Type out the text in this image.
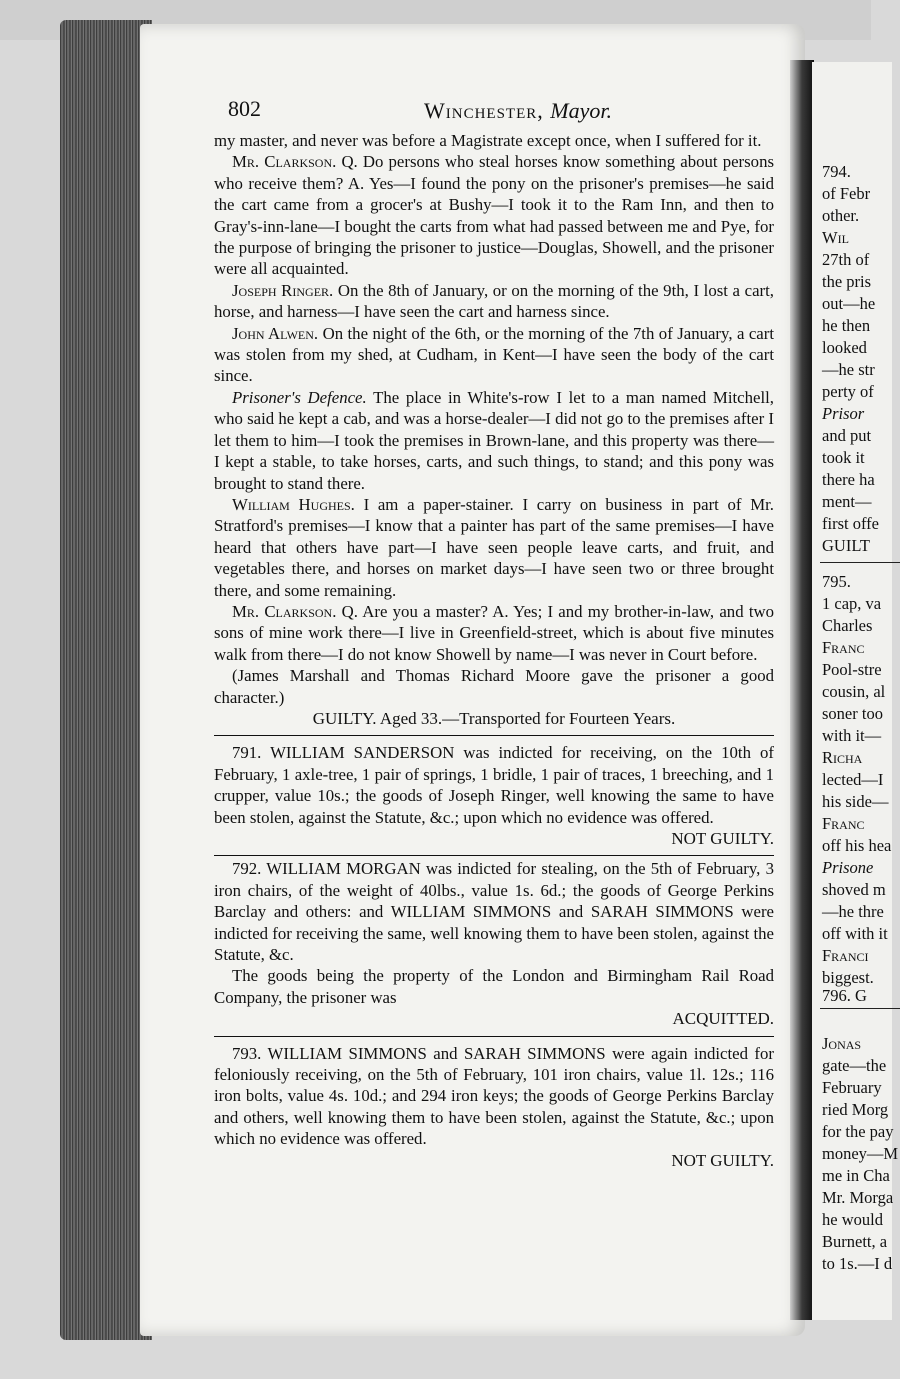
794.
of Febr
other.
Wil
27th of
the pris
out—he
he then
looked
—he str
perty of
Prisor
and put
took it
there ha
ment—
first offe
GUILT
795.
1 cap, va
Charles
Franc
Pool-stre
cousin, al
soner too
with it—
Richa
lected—I
his side—
Franc
off his hea
Prisone
shoved m
—he thre
off with it
Franci
biggest.
796. G
Jonas
gate—the
February
ried Morg
for the pay
money—M
me in Cha
Mr. Morga
he would
Burnett, a
to 1s.—I d
802	Winchester, Mayor.

my master, and never was before a Magistrate except once, when I suffered for it.

Mr. Clarkson. Q. Do persons who steal horses know something about persons who receive them? A. Yes—I found the pony on the prisoner's premises—he said the cart came from a grocer's at Bushy—I took it to the Ram Inn, and then to Gray's-inn-lane—I bought the carts from what had passed between me and Pye, for the purpose of bringing the prisoner to justice—Douglas, Showell, and the prisoner were all acquainted.

Joseph Ringer. On the 8th of January, or on the morning of the 9th, I lost a cart, horse, and harness—I have seen the cart and harness since.

John Alwen. On the night of the 6th, or the morning of the 7th of January, a cart was stolen from my shed, at Cudham, in Kent—I have seen the body of the cart since.

Prisoner's Defence. The place in White's-row I let to a man named Mitchell, who said he kept a cab, and was a horse-dealer—I did not go to the premises after I let them to him—I took the premises in Brown-lane, and this property was there—I kept a stable, to take horses, carts, and such things, to stand; and this pony was brought to stand there.

William Hughes. I am a paper-stainer. I carry on business in part of Mr. Stratford's premises—I know that a painter has part of the same premises—I have heard that others have part—I have seen people leave carts, and fruit, and vegetables there, and horses on market days—I have seen two or three brought there, and some remaining.

Mr. Clarkson. Q. Are you a master? A. Yes; I and my brother-in-law, and two sons of mine work there—I live in Greenfield-street, which is about five minutes walk from there—I do not know Showell by name—I was never in Court before.

(James Marshall and Thomas Richard Moore gave the prisoner a good character.)

GUILTY. Aged 33.—Transported for Fourteen Years.

791. WILLIAM SANDERSON was indicted for receiving, on the 10th of February, 1 axle-tree, 1 pair of springs, 1 bridle, 1 pair of traces, 1 breeching, and 1 crupper, value 10s.; the goods of Joseph Ringer, well knowing the same to have been stolen, against the Statute, &c.; upon which no evidence was offered.

NOT GUILTY.

792. WILLIAM MORGAN was indicted for stealing, on the 5th of February, 3 iron chairs, of the weight of 40lbs., value 1s. 6d.; the goods of George Perkins Barclay and others: and WILLIAM SIMMONS and SARAH SIMMONS were indicted for receiving the same, well knowing them to have been stolen, against the Statute, &c.

The goods being the property of the London and Birmingham Rail Road Company, the prisoner was

ACQUITTED.

793. WILLIAM SIMMONS and SARAH SIMMONS were again indicted for feloniously receiving, on the 5th of February, 101 iron chairs, value 1l. 12s.; 116 iron bolts, value 4s. 10d.; and 294 iron keys; the goods of George Perkins Barclay and others, well knowing them to have been stolen, against the Statute, &c.; upon which no evidence was offered.

NOT GUILTY.
